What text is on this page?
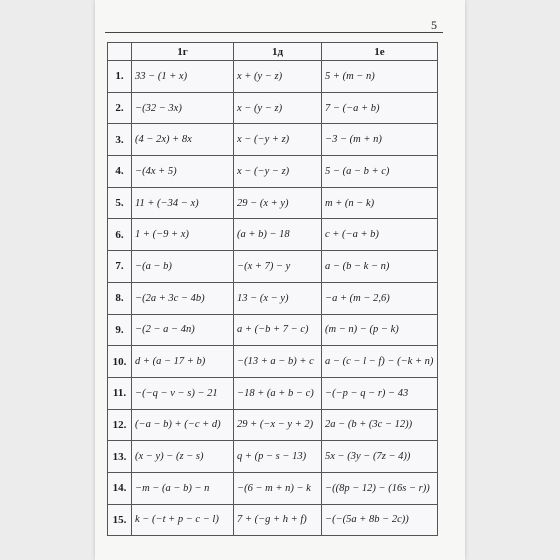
5
	1г	1д	1е
1.	33 − (1 + x)	x + (y − z)	5 + (m − n)
2.	−(32 − 3x)	x − (y − z)	7 − (−a + b)
3.	(4 − 2x) + 8x	x − (−y + z)	−3 − (m + n)
4.	−(4x + 5)	x − (−y − z)	5 − (a − b + c)
5.	11 + (−34 − x)	29 − (x + y)	m + (n − k)
6.	1 + (−9 + x)	(a + b) − 18	c + (−a + b)
7.	−(a − b)	−(x + 7) − y	a − (b − k − n)
8.	−(2a + 3c − 4b)	13 − (x − y)	−a + (m − 2,6)
9.	−(2 − a − 4n)	a + (−b + 7 − c)	(m − n) − (p − k)
10.	d + (a − 17 + b)	−(13 + a − b) + c	a − (c − l − f) − (−k + n)
11.	−(−q − v − s) − 21	−18 + (a + b − c)	−(−p − q − r) − 43
12.	(−a − b) + (−c + d)	29 + (−x − y + 2)	2a − (b + (3c − 12))
13.	(x − y) − (z − s)	q + (p − s − 13)	5x − (3y − (7z − 4))
14.	−m − (a − b) − n	−(6 − m + n) − k	−((8p − 12) − (16s − r))
15.	k − (−t + p − c − l)	7 + (−g + h + f)	−(−(5a + 8b − 2c))
